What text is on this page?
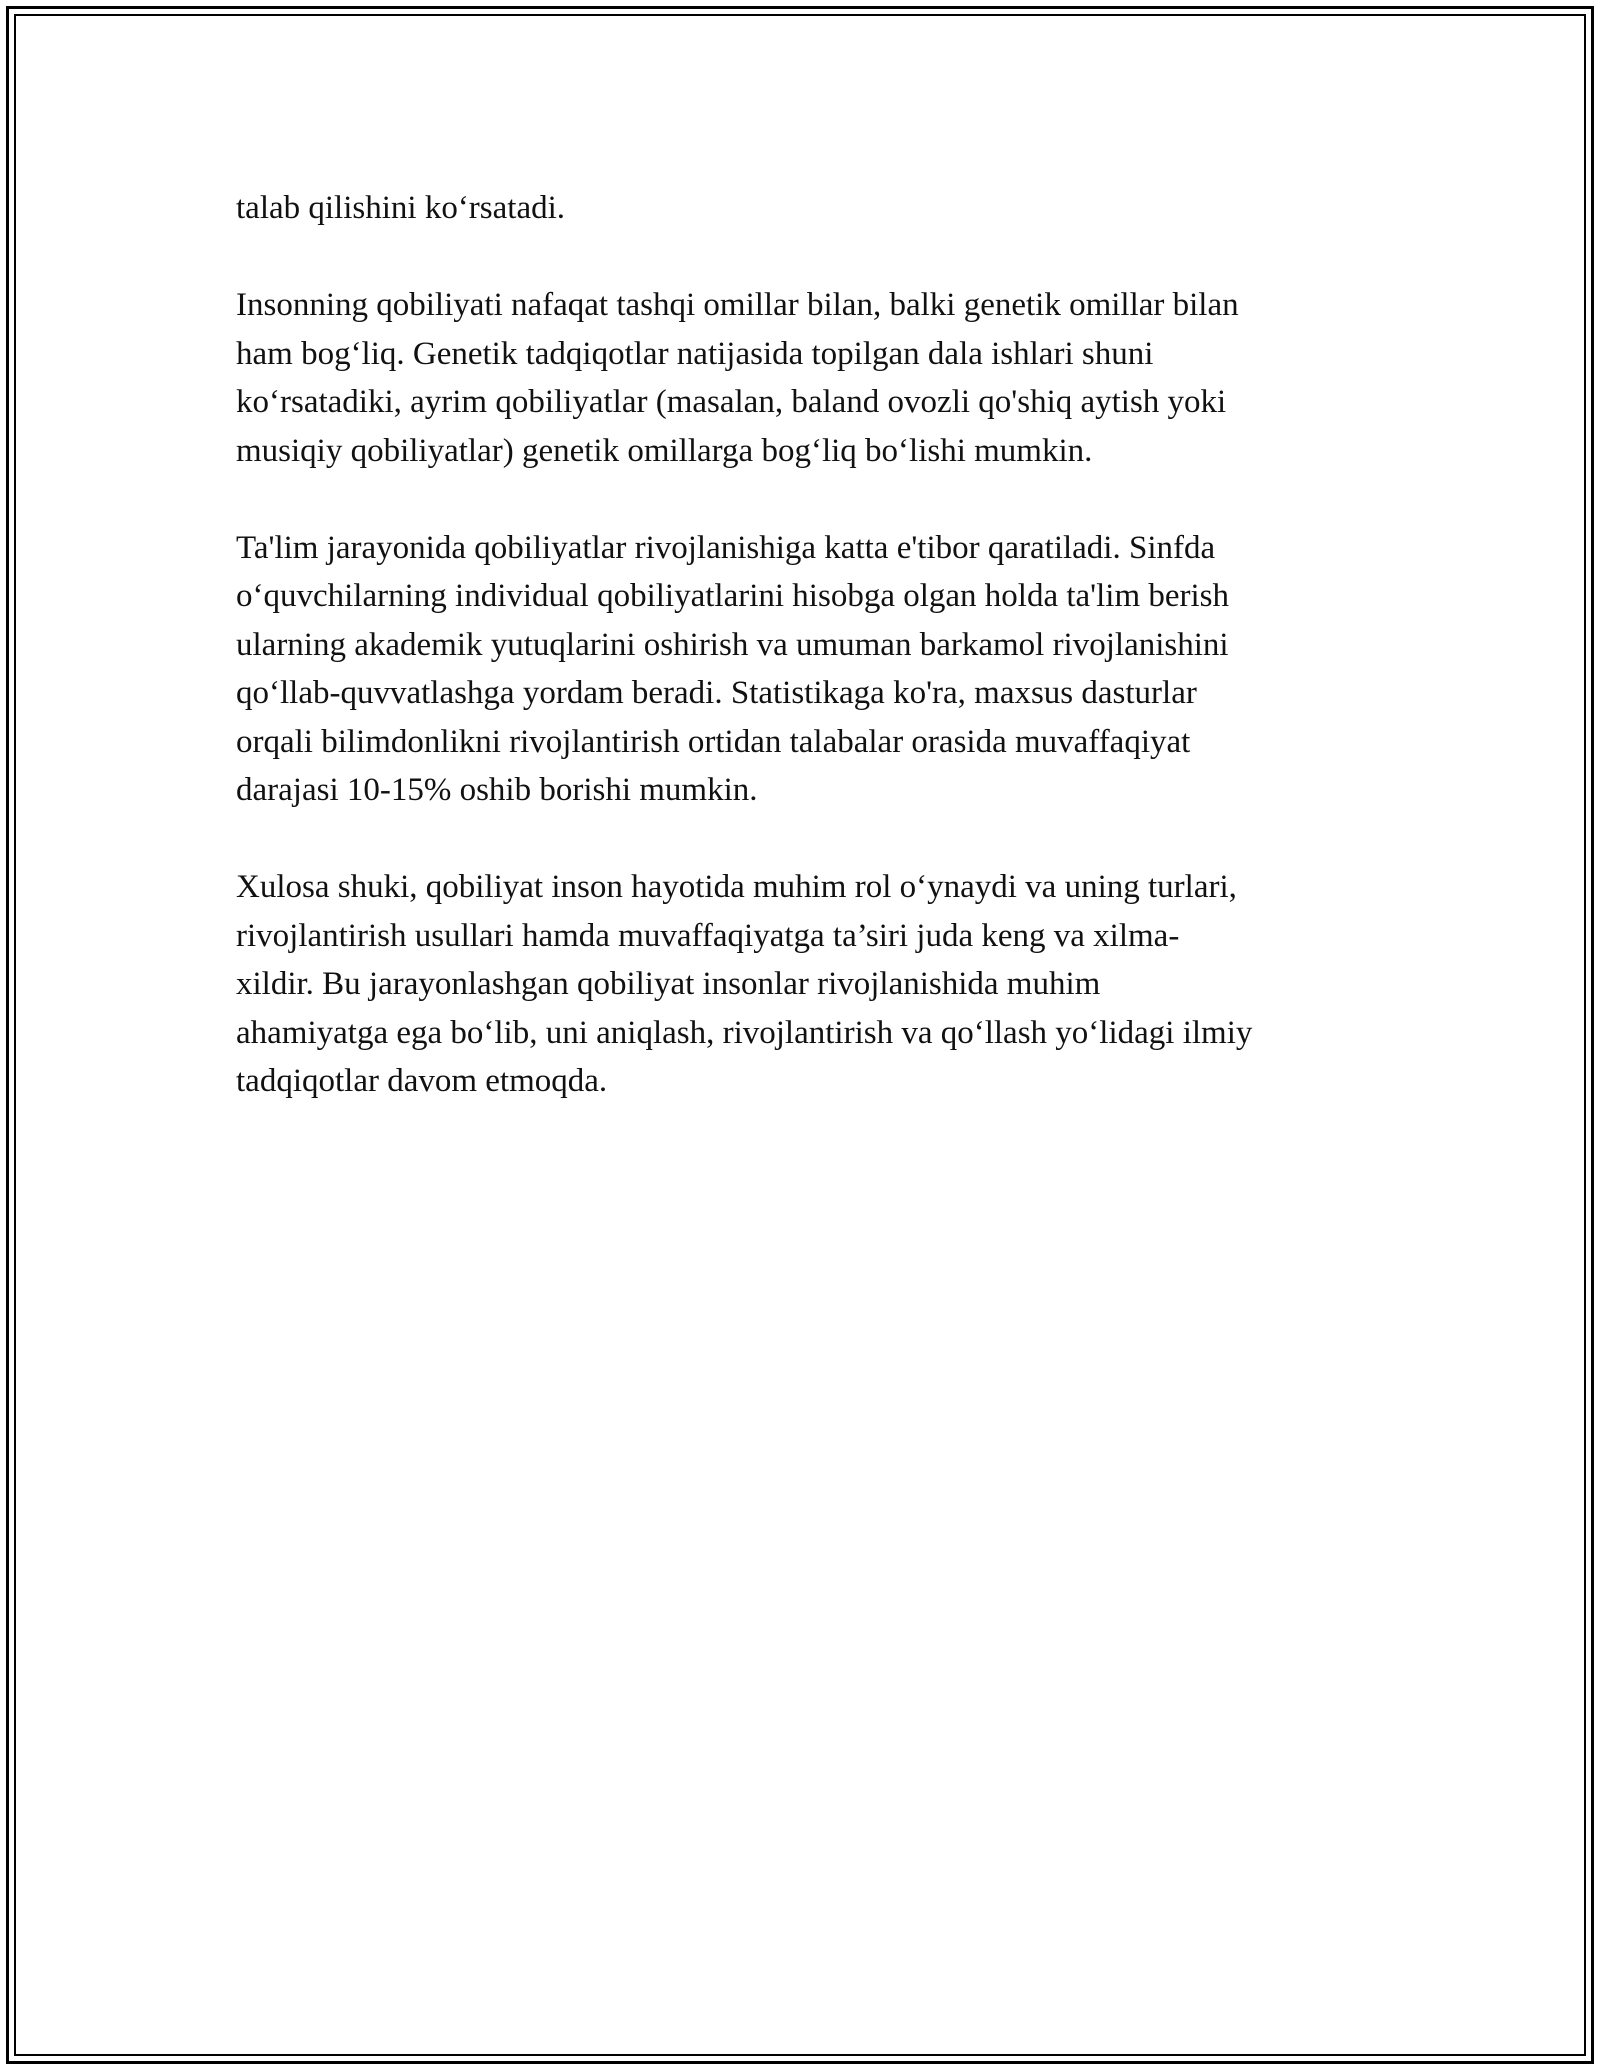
talab qilishini ko‘rsatadi.

Insonning qobiliyati nafaqat tashqi omillar bilan, balki genetik omillar bilan
ham bog‘liq. Genetik tadqiqotlar natijasida topilgan dala ishlari shuni
ko‘rsatadiki, ayrim qobiliyatlar (masalan, baland ovozli qo'shiq aytish yoki
musiqiy qobiliyatlar) genetik omillarga bog‘liq bo‘lishi mumkin.

Ta'lim jarayonida qobiliyatlar rivojlanishiga katta e'tibor qaratiladi. Sinfda
o‘quvchilarning individual qobiliyatlarini hisobga olgan holda ta'lim berish
ularning akademik yutuqlarini oshirish va umuman barkamol rivojlanishini
qo‘llab-quvvatlashga yordam beradi. Statistikaga ko'ra, maxsus dasturlar
orqali bilimdonlikni rivojlantirish ortidan talabalar orasida muvaffaqiyat
darajasi 10-15% oshib borishi mumkin.

Xulosa shuki, qobiliyat inson hayotida muhim rol o‘ynaydi va uning turlari,
rivojlantirish usullari hamda muvaffaqiyatga ta’siri juda keng va xilma-
xildir. Bu jarayonlashgan qobiliyat insonlar rivojlanishida muhim
ahamiyatga ega bo‘lib, uni aniqlash, rivojlantirish va qo‘llash yo‘lidagi ilmiy
tadqiqotlar davom etmoqda.
